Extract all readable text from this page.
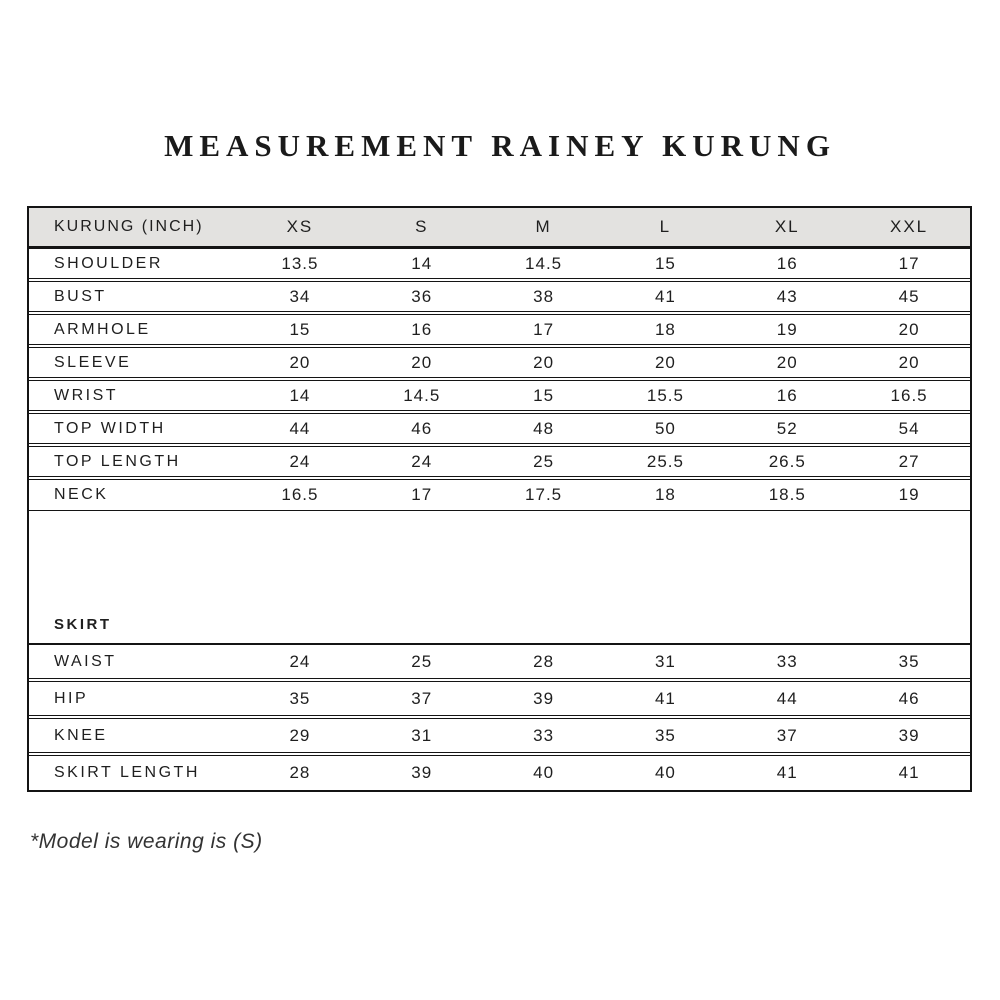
MEASUREMENT RAINEY KURUNG
KURUNG (INCH)	XS	S	M	L	XL	XXL
SHOULDER	13.5	14	14.5	15	16	17
BUST	34	36	38	41	43	45
ARMHOLE	15	16	17	18	19	20
SLEEVE	20	20	20	20	20	20
WRIST	14	14.5	15	15.5	16	16.5
TOP WIDTH	44	46	48	50	52	54
TOP LENGTH	24	24	25	25.5	26.5	27
NECK	16.5	17	17.5	18	18.5	19
SKIRT
WAIST	24	25	28	31	33	35
HIP	35	37	39	41	44	46
KNEE	29	31	33	35	37	39
SKIRT LENGTH	28	39	40	40	41	41
*Model is wearing is (S)
